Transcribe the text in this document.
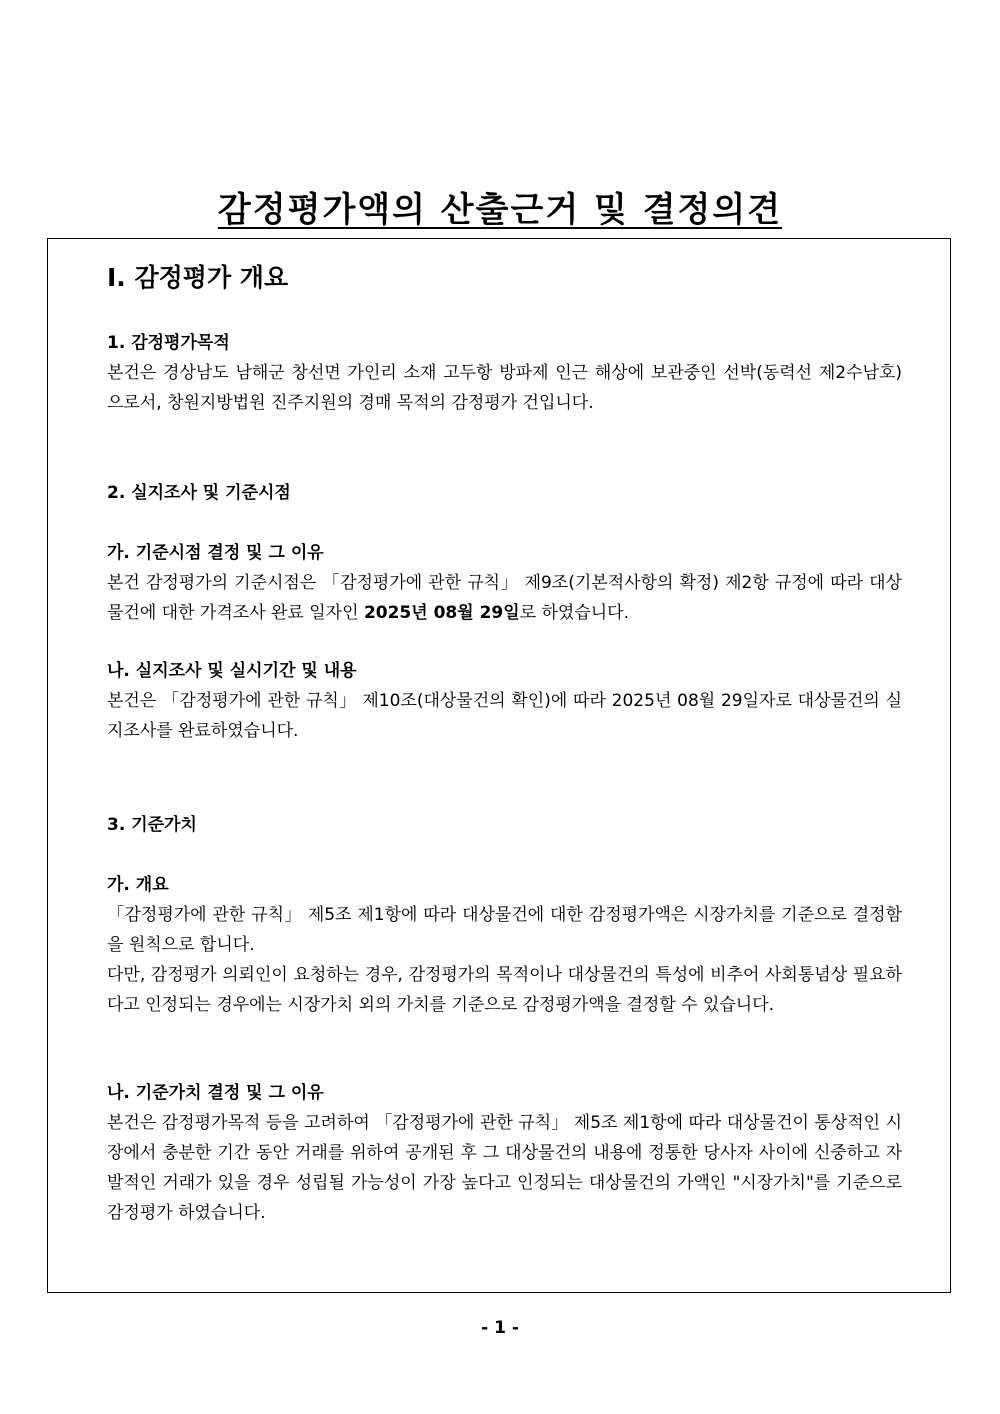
감정평가액의 산출근거 및 결정의견
Ⅰ. 감정평가 개요
1. 감정평가목적

본건은 경상남도 남해군 창선면 가인리 소재 고두항 방파제 인근 해상에 보관중인 선박(동력선 제2수남호)으로서, 창원지방법원 진주지원의 경매 목적의 감정평가 건입니다.

2. 실지조사 및 기준시점
가. 기준시점 결정 및 그 이유

본건 감정평가의 기준시점은 「감정평가에 관한 규칙」 제9조(기본적사항의 확정) 제2항 규정에 따라 대상 물건에 대한 가격조사 완료 일자인 2025년 08월 29일로 하였습니다.

나. 실지조사 및 실시기간 및 내용

본건은 「감정평가에 관한 규칙」 제10조(대상물건의 확인)에 따라 2025년 08월 29일자로 대상물건의 실지조사를 완료하였습니다.

3. 기준가치
가. 개요

「감정평가에 관한 규칙」 제5조 제1항에 따라 대상물건에 대한 감정평가액은 시장가치를 기준으로 결정함을 원칙으로 합니다.

다만, 감정평가 의뢰인이 요청하는 경우, 감정평가의 목적이나 대상물건의 특성에 비추어 사회통념상 필요하다고 인정되는 경우에는 시장가치 외의 가치를 기준으로 감정평가액을 결정할 수 있습니다.

나. 기준가치 결정 및 그 이유

본건은 감정평가목적 등을 고려하여 「감정평가에 관한 규칙」 제5조 제1항에 따라 대상물건이 통상적인 시장에서 충분한 기간 동안 거래를 위하여 공개된 후 그 대상물건의 내용에 정통한 당사자 사이에 신중하고 자발적인 거래가 있을 경우 성립될 가능성이 가장 높다고 인정되는 대상물건의 가액인 "시장가치"를 기준으로 감정평가 하였습니다.

- 1 -
